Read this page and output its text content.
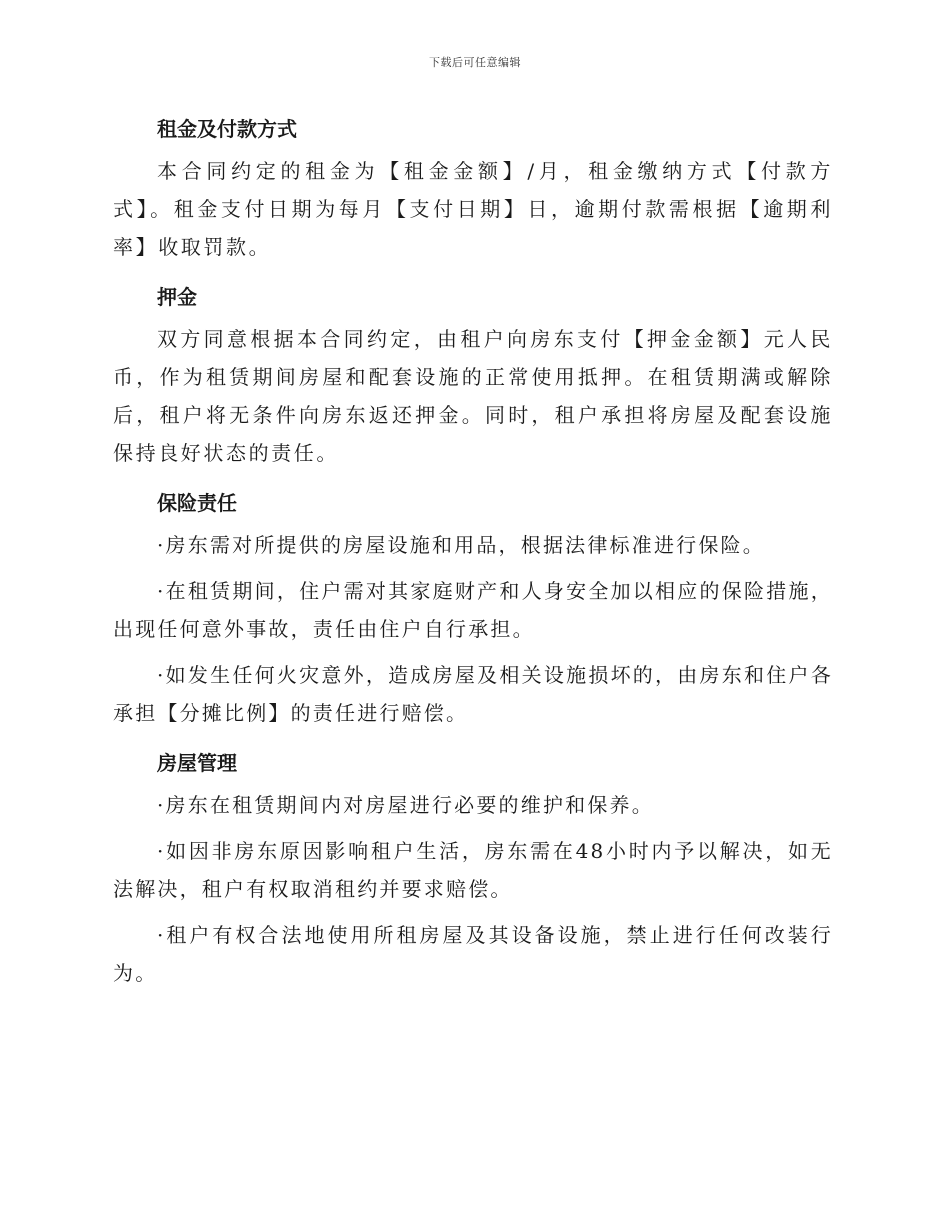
下载后可任意编辑
租金及付款方式

本合同约定的租金为【租金金额】/月，租金缴纳方式【付款方式】。租金支付日期为每月【支付日期】日，逾期付款需根据【逾期利率】收取罚款。

押金

双方同意根据本合同约定，由租户向房东支付【押金金额】元人民币，作为租赁期间房屋和配套设施的正常使用抵押。在租赁期满或解除后，租户将无条件向房东返还押金。同时，租户承担将房屋及配套设施保持良好状态的责任。

保险责任

·房东需对所提供的房屋设施和用品，根据法律标准进行保险。

·在租赁期间，住户需对其家庭财产和人身安全加以相应的保险措施，出现任何意外事故，责任由住户自行承担。

·如发生任何火灾意外，造成房屋及相关设施损坏的，由房东和住户各承担【分摊比例】的责任进行赔偿。

房屋管理

·房东在租赁期间内对房屋进行必要的维护和保养。

·如因非房东原因影响租户生活，房东需在48小时内予以解决，如无法解决，租户有权取消租约并要求赔偿。

·租户有权合法地使用所租房屋及其设备设施，禁止进行任何改装行为。
